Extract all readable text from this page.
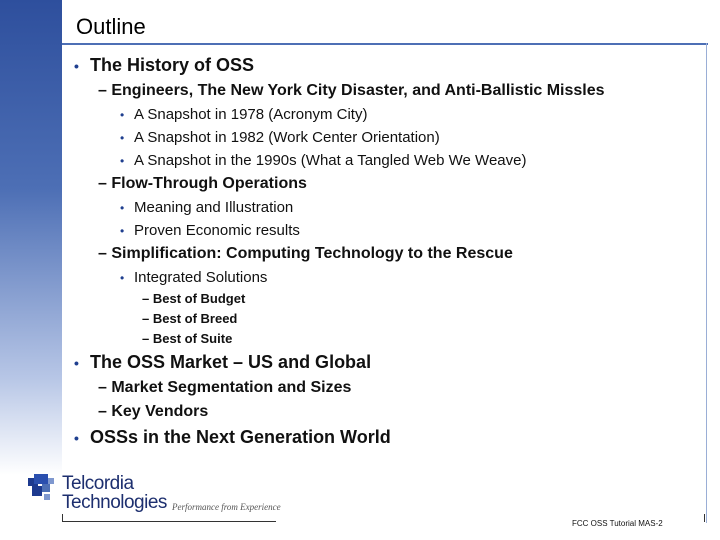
Outline
• The History of OSS
– Engineers, The New York City Disaster, and Anti-Ballistic Missles
• A Snapshot in 1978 (Acronym City)
• A Snapshot in 1982 (Work Center Orientation)
• A Snapshot in the 1990s (What a Tangled Web We Weave)
– Flow-Through Operations
• Meaning and Illustration
• Proven Economic results
– Simplification: Computing Technology to the Rescue
• Integrated Solutions
– Best of Budget
– Best of Breed
– Best of Suite
• The OSS Market – US and Global
– Market Segmentation and Sizes
– Key Vendors
• OSSs in the Next Generation World
Telcordia
Technologies Performance from Experience
FCC OSS Tutorial MAS-2
